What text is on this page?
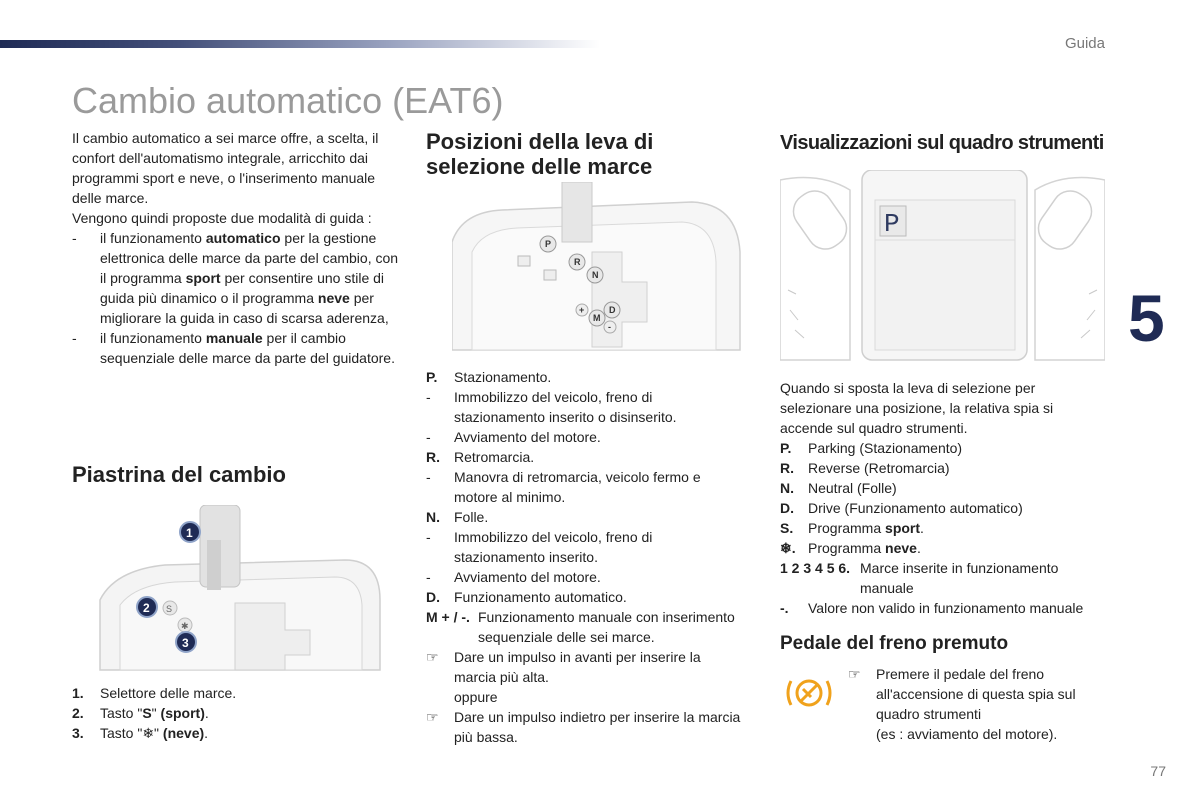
Guida
Cambio automatico (EAT6)
5

Il cambio automatico a sei marce offre, a scelta, il confort dell'automatismo integrale, arricchito dai programmi sport e neve, o l'inserimento manuale delle marce.

Vengono quindi proposte due modalità di guida :

- il funzionamento automatico per la gestione elettronica delle marce da parte del cambio, con il programma sport per consentire uno stile di guida più dinamico o il programma neve per migliorare la guida in caso di scarsa aderenza,
- il funzionamento manuale per il cambio sequenziale delle marce da parte del guidatore.
Piastrina del cambio
S
✱
1
2
3
1. Selettore delle marce.
2. Tasto "S" (sport).
3. Tasto "❄" (neve).
Posizioni della leva di selezione delle marce
P
R
N
D
M
+
-
P. Stazionamento.
- Immobilizzo del veicolo, freno di stazionamento inserito o disinserito.
- Avviamento del motore.
R. Retromarcia.
- Manovra di retromarcia, veicolo fermo e motore al minimo.
N. Folle.
- Immobilizzo del veicolo, freno di stazionamento inserito.
- Avviamento del motore.
D. Funzionamento automatico.
M + / -. Funzionamento manuale con inserimento sequenziale delle sei marce.
☞ Dare un impulso in avanti per inserire la marcia più alta.
oppure
☞ Dare un impulso indietro per inserire la marcia più bassa.
Visualizzazioni sul quadro strumenti
P

Quando si sposta la leva di selezione per selezionare una posizione, la relativa spia si accende sul quadro strumenti.

P. Parking (Stazionamento)
R. Reverse (Retromarcia)
N. Neutral (Folle)
D. Drive (Funzionamento automatico)
S. Programma sport.
❄. Programma neve.
1 2 3 4 5 6. Marce inserite in funzionamento manuale
-. Valore non valido in funzionamento manuale
Pedale del freno premuto
☞ Premere il pedale del freno all'accensione di questa spia sul quadro strumenti
(es : avviamento del motore).
77
